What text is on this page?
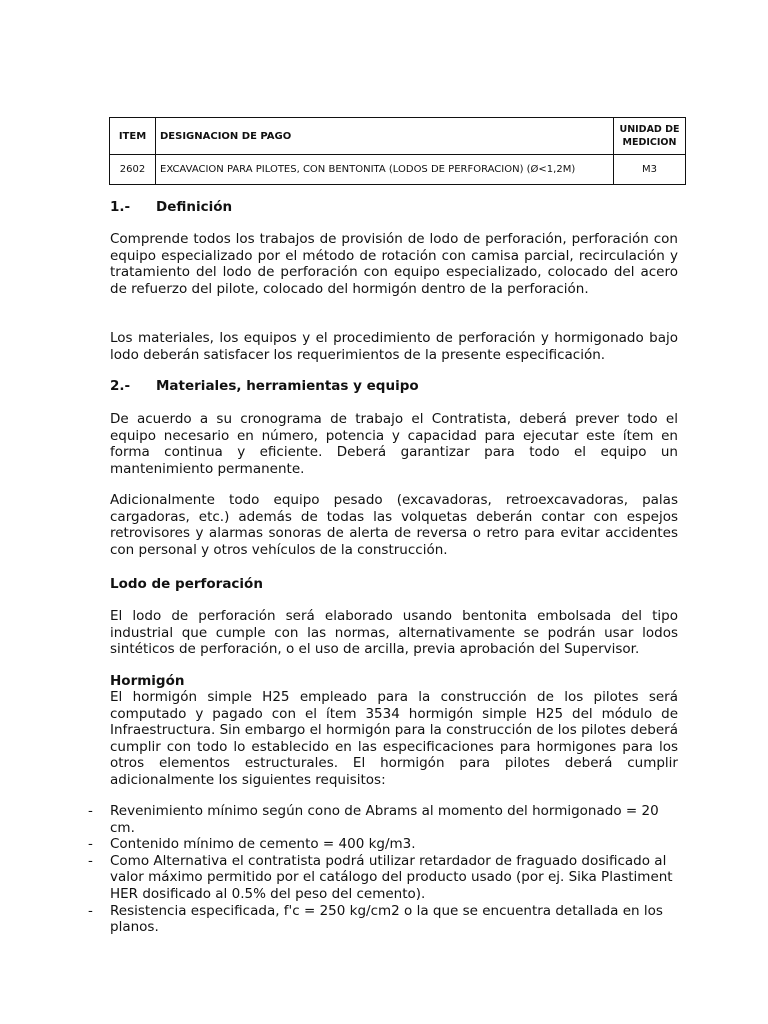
ITEM	DESIGNACION DE PAGO	UNIDAD DE
MEDICION
2602	EXCAVACION PARA PILOTES, CON BENTONITA (LODOS DE PERFORACION) (Ø<1,2M)	M3
1.- Definición

Comprende todos los trabajos de provisión de lodo de perforación, perforación con equipo especializado por el método de rotación con camisa parcial, recirculación y tratamiento del lodo de perforación con equipo especializado, colocado del acero de refuerzo del pilote, colocado del hormigón dentro de la perforación.

Los materiales, los equipos y el procedimiento de perforación y hormigonado bajo lodo deberán satisfacer los requerimientos de la presente especificación.

2.- Materiales, herramientas y equipo

De acuerdo a su cronograma de trabajo el Contratista, deberá prever todo el equipo necesario en número, potencia y capacidad para ejecutar este ítem en forma continua y eficiente. Deberá garantizar para todo el equipo un mantenimiento permanente.

Adicionalmente todo equipo pesado (excavadoras, retroexcavadoras, palas cargadoras, etc.) además de todas las volquetas deberán contar con espejos retrovisores y alarmas sonoras de alerta de reversa o retro para evitar accidentes con personal y otros vehículos de la construcción.

Lodo de perforación

El lodo de perforación será elaborado usando bentonita embolsada del tipo industrial que cumple con las normas, alternativamente se podrán usar lodos sintéticos de perforación, o el uso de arcilla, previa aprobación del Supervisor.

Hormigón

El hormigón simple H25 empleado para la construcción de los pilotes será computado y pagado con el ítem 3534 hormigón simple H25 del módulo de Infraestructura. Sin embargo el hormigón para la construcción de los pilotes deberá cumplir con todo lo establecido en las especificaciones para hormigones para los otros elementos estructurales. El hormigón para pilotes deberá cumplir adicionalmente los siguientes requisitos:

- Revenimiento mínimo según cono de Abrams al momento del hormigonado = 20 cm.
- Contenido mínimo de cemento = 400 kg/m3.
- Como Alternativa el contratista podrá utilizar retardador de fraguado dosificado al valor máximo permitido por el catálogo del producto usado (por ej. Sika Plastiment HER dosificado al 0.5% del peso del cemento).
- Resistencia especificada, f'c = 250 kg/cm2 o la que se encuentra detallada en los planos.
